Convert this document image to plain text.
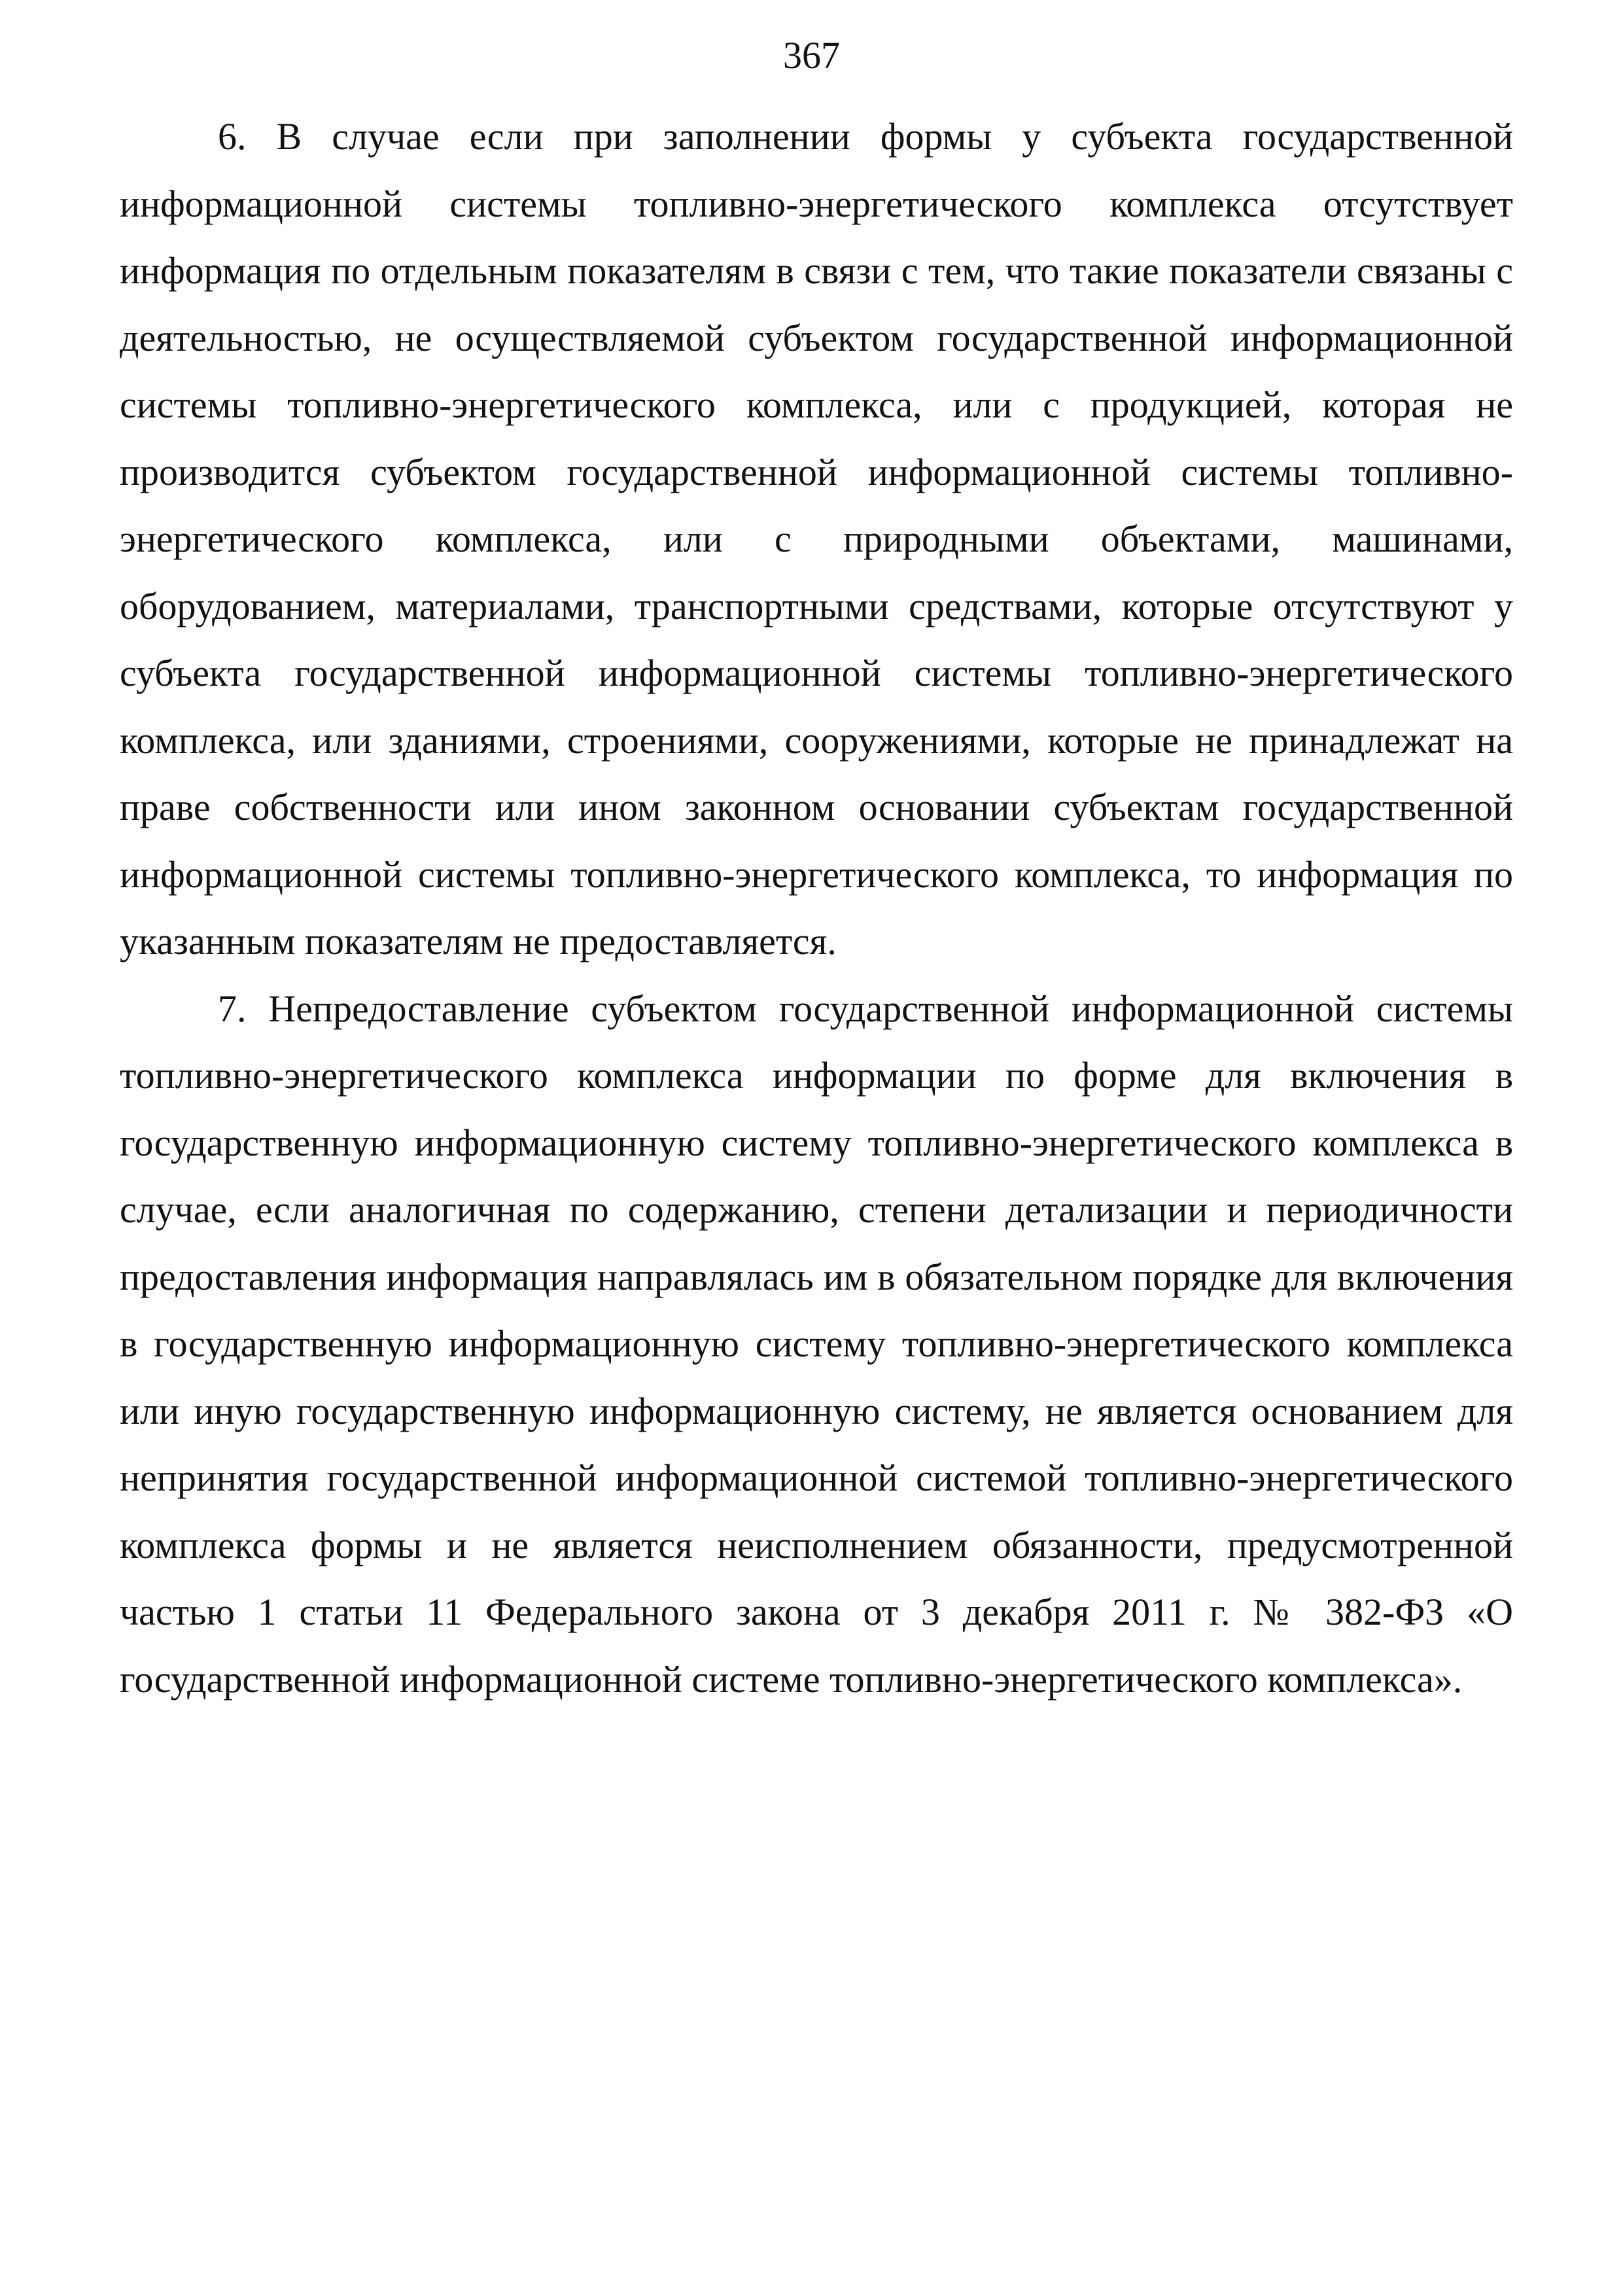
367

6. В случае если при заполнении формы у субъекта государственной информационной системы топливно-энергетического комплекса отсутствует информация по отдельным показателям в связи с тем, что такие показатели связаны с деятельностью, не осуществляемой субъектом государственной информационной системы топливно-энергетического комплекса, или с продукцией, которая не производится субъектом государственной информационной системы топливно-энергетического комплекса, или с природными объектами, машинами, оборудованием, материалами, транспортными средствами, которые отсутствуют у субъекта государственной информационной системы топливно-энергетического комплекса, или зданиями, строениями, сооружениями, которые не принадлежат на праве собственности или ином законном основании субъектам государственной информационной системы топливно-энергетического комплекса, то информация по указанным показателям не предоставляется.

7. Непредоставление субъектом государственной информационной системы топливно-энергетического комплекса информации по форме для включения в государственную информационную систему топливно-энергетического комплекса в случае, если аналогичная по содержанию, степени детализации и периодичности предоставления информация направлялась им в обязательном порядке для включения в государственную информационную систему топливно-энергетического комплекса или иную государственную информационную систему, не является основанием для непринятия государственной информационной системой топливно-энергетического комплекса формы и не является неисполнением обязанности, предусмотренной частью 1 статьи 11 Федерального закона от 3 декабря 2011 г. № 382-ФЗ «О государственной информационной системе топливно-энергетического комплекса».
